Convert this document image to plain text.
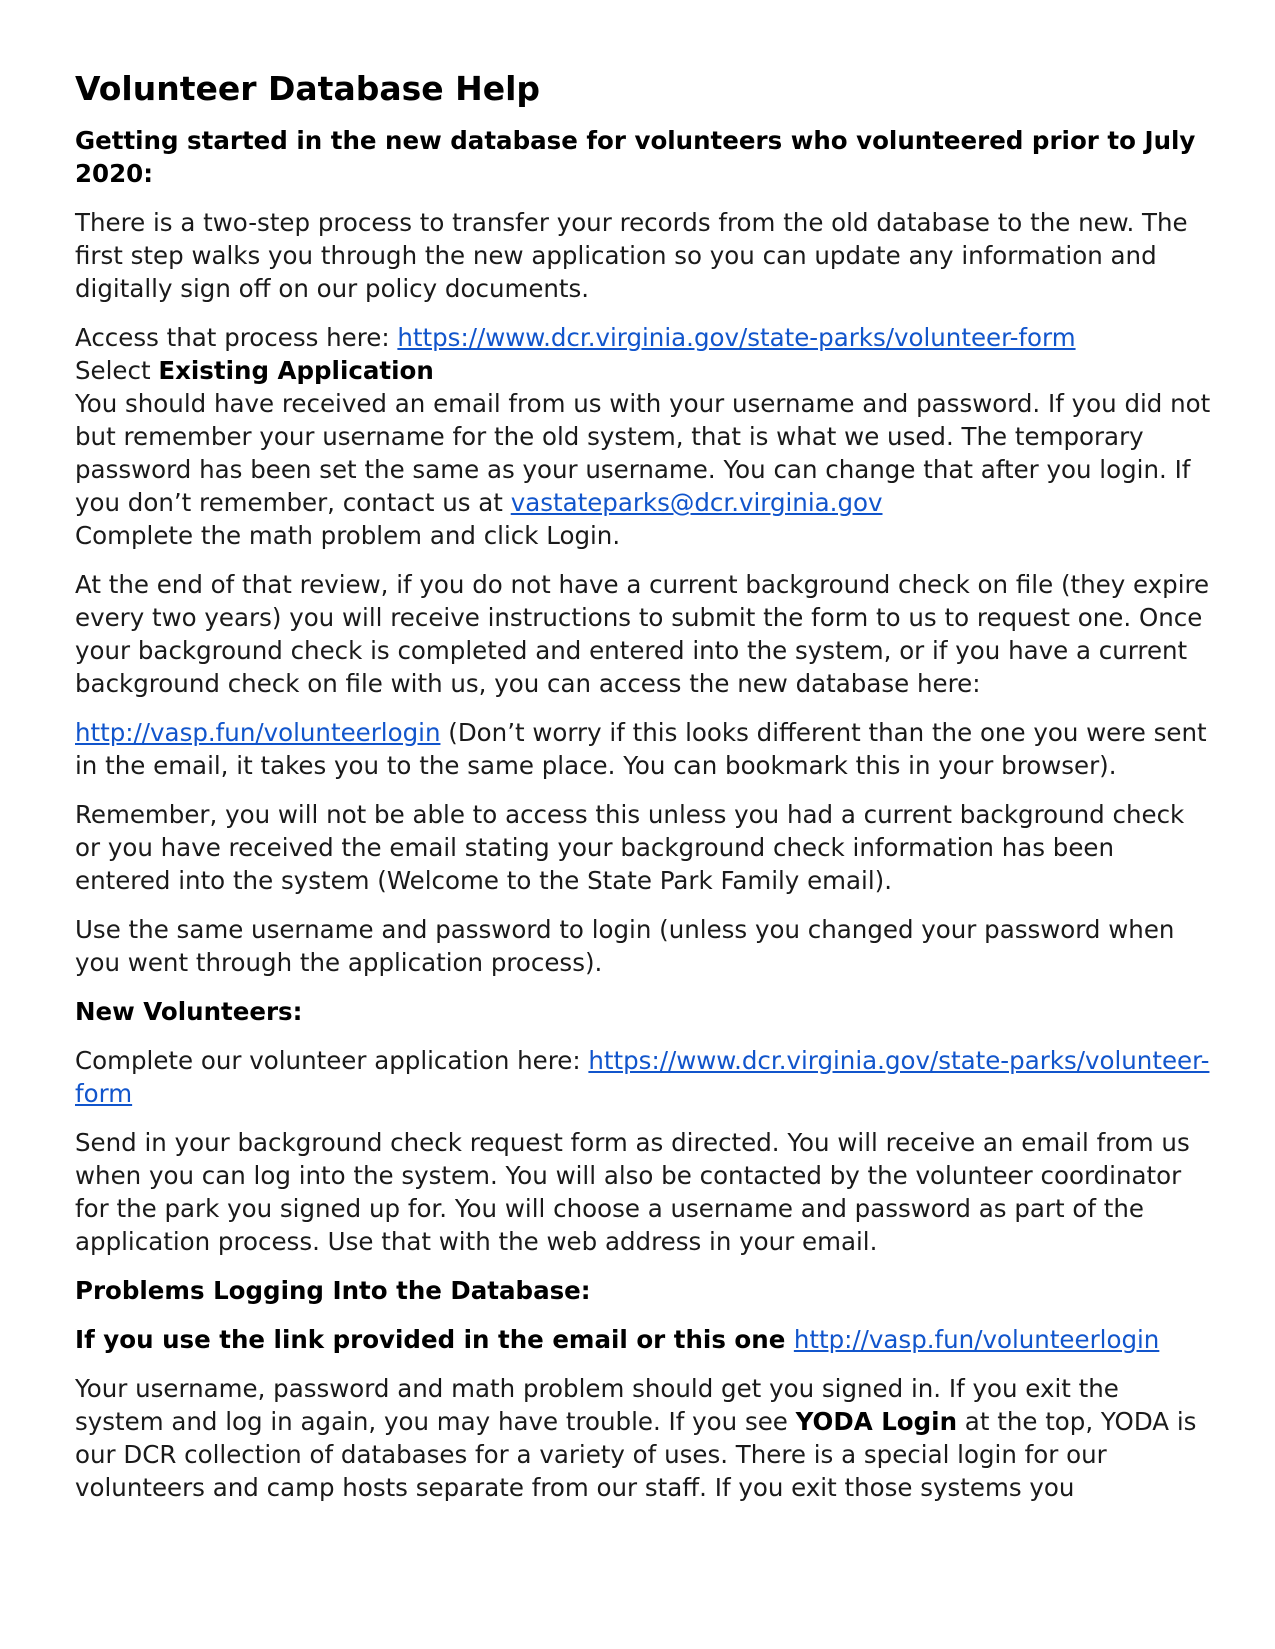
Volunteer Database Help

Getting started in the new database for volunteers who volunteered prior to July 2020:

There is a two-step process to transfer your records from the old database to the new. The first step walks you through the new application so you can update any information and digitally sign off on our policy documents.

Access that process here: https://www.dcr.virginia.gov/state-parks/volunteer-form
Select Existing Application
You should have received an email from us with your username and password. If you did not but remember your username for the old system, that is what we used. The temporary password has been set the same as your username. You can change that after you login. If you don’t remember, contact us at vastateparks@dcr.virginia.gov
Complete the math problem and click Login.

At the end of that review, if you do not have a current background check on file (they expire every two years) you will receive instructions to submit the form to us to request one. Once your background check is completed and entered into the system, or if you have a current background check on file with us, you can access the new database here:

http://vasp.fun/volunteerlogin (Don’t worry if this looks different than the one you were sent in the email, it takes you to the same place. You can bookmark this in your browser).

Remember, you will not be able to access this unless you had a current background check or you have received the email stating your background check information has been entered into the system (Welcome to the State Park Family email).

Use the same username and password to login (unless you changed your password when you went through the application process).

New Volunteers:

Complete our volunteer application here: https://www.dcr.virginia.gov/state-parks/volunteer-form

Send in your background check request form as directed. You will receive an email from us when you can log into the system. You will also be contacted by the volunteer coordinator for the park you signed up for. You will choose a username and password as part of the application process. Use that with the web address in your email.

Problems Logging Into the Database:

If you use the link provided in the email or this one http://vasp.fun/volunteerlogin

Your username, password and math problem should get you signed in. If you exit the system and log in again, you may have trouble. If you see YODA Login at the top, YODA is our DCR collection of databases for a variety of uses. There is a special login for our volunteers and camp hosts separate from our staff. If you exit those systems you
